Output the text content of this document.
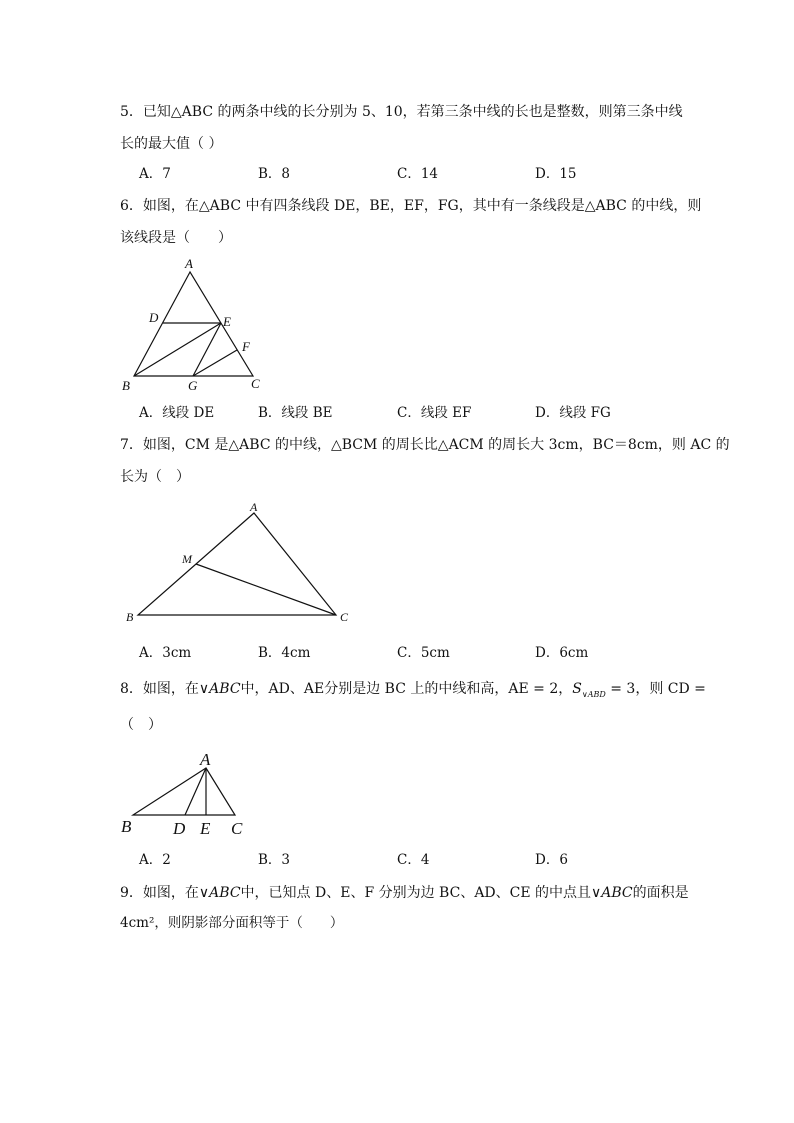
5．已知△ABC 的两条中线的长分别为 5、10，若第三条中线的长也是整数，则第三条中线
长的最大值（ ）
A．7	B．8	C．14	D．15
6．如图，在△ABC 中有四条线段 DE，BE，EF，FG，其中有一条线段是△ABC 的中线，则
该线段是（　　）
A
D	E
F
B	G	C
A
M
B	C
A
B D E C
A．线段 DE	B．线段 BE	C．线段 EF	D．线段 FG
7．如图，CM 是△ABC 的中线，△BCM 的周长比△ACM 的周长大 3cm，BC＝8cm，则 AC 的
长为（　）
A．3cm	B．4cm	C．5cm	D．6cm
8．如图，在∨ABC中，AD、AE分别是边 BC 上的中线和高，AE = 2，$S_{\vee ABD} = 3$，则 CD =
（　）
A．2	B．3	C．4	D．6
9．如图，在∨ABC中，已知点 D、E、F 分别为边 BC、AD、CE 的中点且∨ABC的面积是
4cm²，则阴影部分面积等于（　　）
